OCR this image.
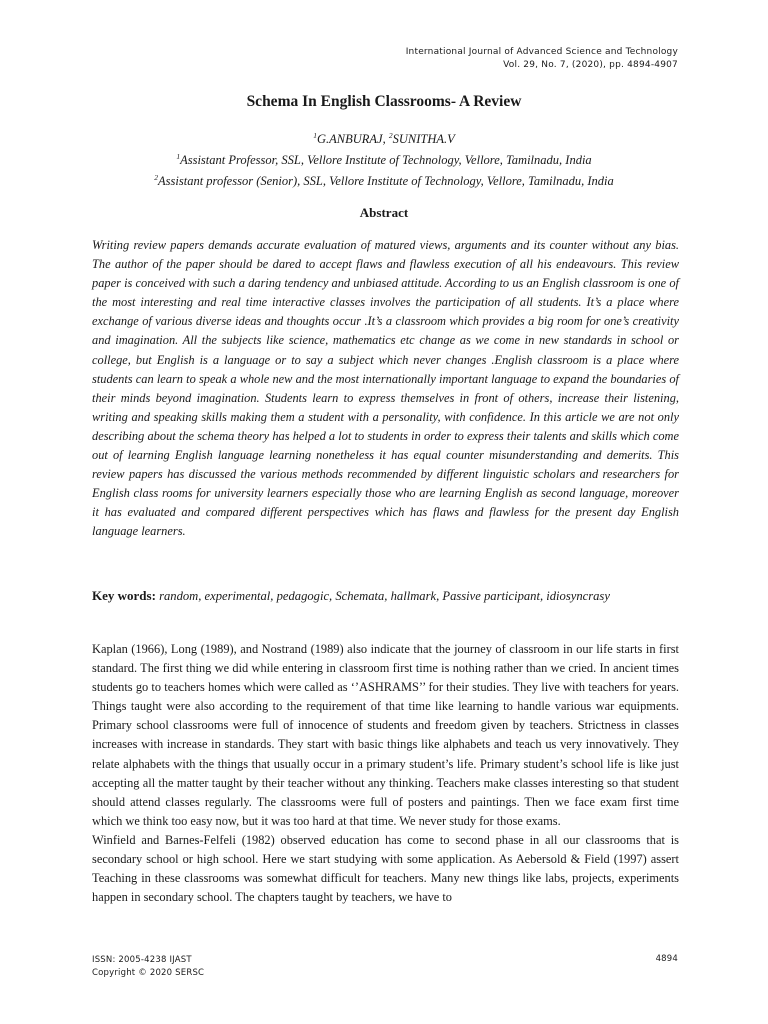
International Journal of Advanced Science and Technology
Vol. 29, No. 7, (2020), pp. 4894-4907
Schema In English Classrooms- A Review
$^1$G.ANBURAJ, $^2$SUNITHA.V
$^1$Assistant Professor, SSL, Vellore Institute of Technology, Vellore, Tamilnadu, India
$^2$Assistant professor (Senior), SSL, Vellore Institute of Technology, Vellore, Tamilnadu, India
Abstract
Writing review papers demands accurate evaluation of matured views, arguments and its counter without any bias. The author of the paper should be dared to accept flaws and flawless execution of all his endeavours. This review paper is conceived with such a daring tendency and unbiased attitude. According to us an English classroom is one of the most interesting and real time interactive classes involves the participation of all students. It’s a place where exchange of various diverse ideas and thoughts occur .It’s a classroom which provides a big room for one’s creativity and imagination. All the subjects like science, mathematics etc change as we come in new standards in school or college, but English is a language or to say a subject which never changes .English classroom is a place where students can learn to speak a whole new and the most internationally important language to expand the boundaries of their minds beyond imagination. Students learn to express themselves in front of others, increase their listening, writing and speaking skills making them a student with a personality, with confidence. In this article we are not only describing about the schema theory has helped a lot to students in order to express their talents and skills which come out of learning English language learning nonetheless it has equal counter misunderstanding and demerits. This review papers has discussed the various methods recommended by different linguistic scholars and researchers for English class rooms for university learners especially those who are learning English as second language, moreover it has evaluated and compared different perspectives which has flaws and flawless for the present day English language learners.
Key words: random, experimental, pedagogic, Schemata, hallmark, Passive participant, idiosyncrasy

Kaplan (1966), Long (1989), and Nostrand (1989) also indicate that the journey of classroom in our life starts in first standard. The first thing we did while entering in classroom first time is nothing rather than we cried. In ancient times students go to teachers homes which were called as ‘’ASHRAMS’’ for their studies. They live with teachers for years. Things taught were also according to the requirement of that time like learning to handle various war equipments. Primary school classrooms were full of innocence of students and freedom given by teachers. Strictness in classes increases with increase in standards. They start with basic things like alphabets and teach us very innovatively. They relate alphabets with the things that usually occur in a primary student’s life. Primary student’s school life is like just accepting all the matter taught by their teacher without any thinking. Teachers make classes interesting so that student should attend classes regularly. The classrooms were full of posters and paintings. Then we face exam first time which we think too easy now, but it was too hard at that time. We never study for those exams.

Winfield and Barnes-Felfeli (1982) observed education has come to second phase in all our classrooms that is secondary school or high school. Here we start studying with some application. As Aebersold & Field (1997) assert Teaching in these classrooms was somewhat difficult for teachers. Many new things like labs, projects, experiments happen in secondary school. The chapters taught by teachers, we have to

ISSN: 2005-4238 IJAST
Copyright © 2020 SERSC
4894
